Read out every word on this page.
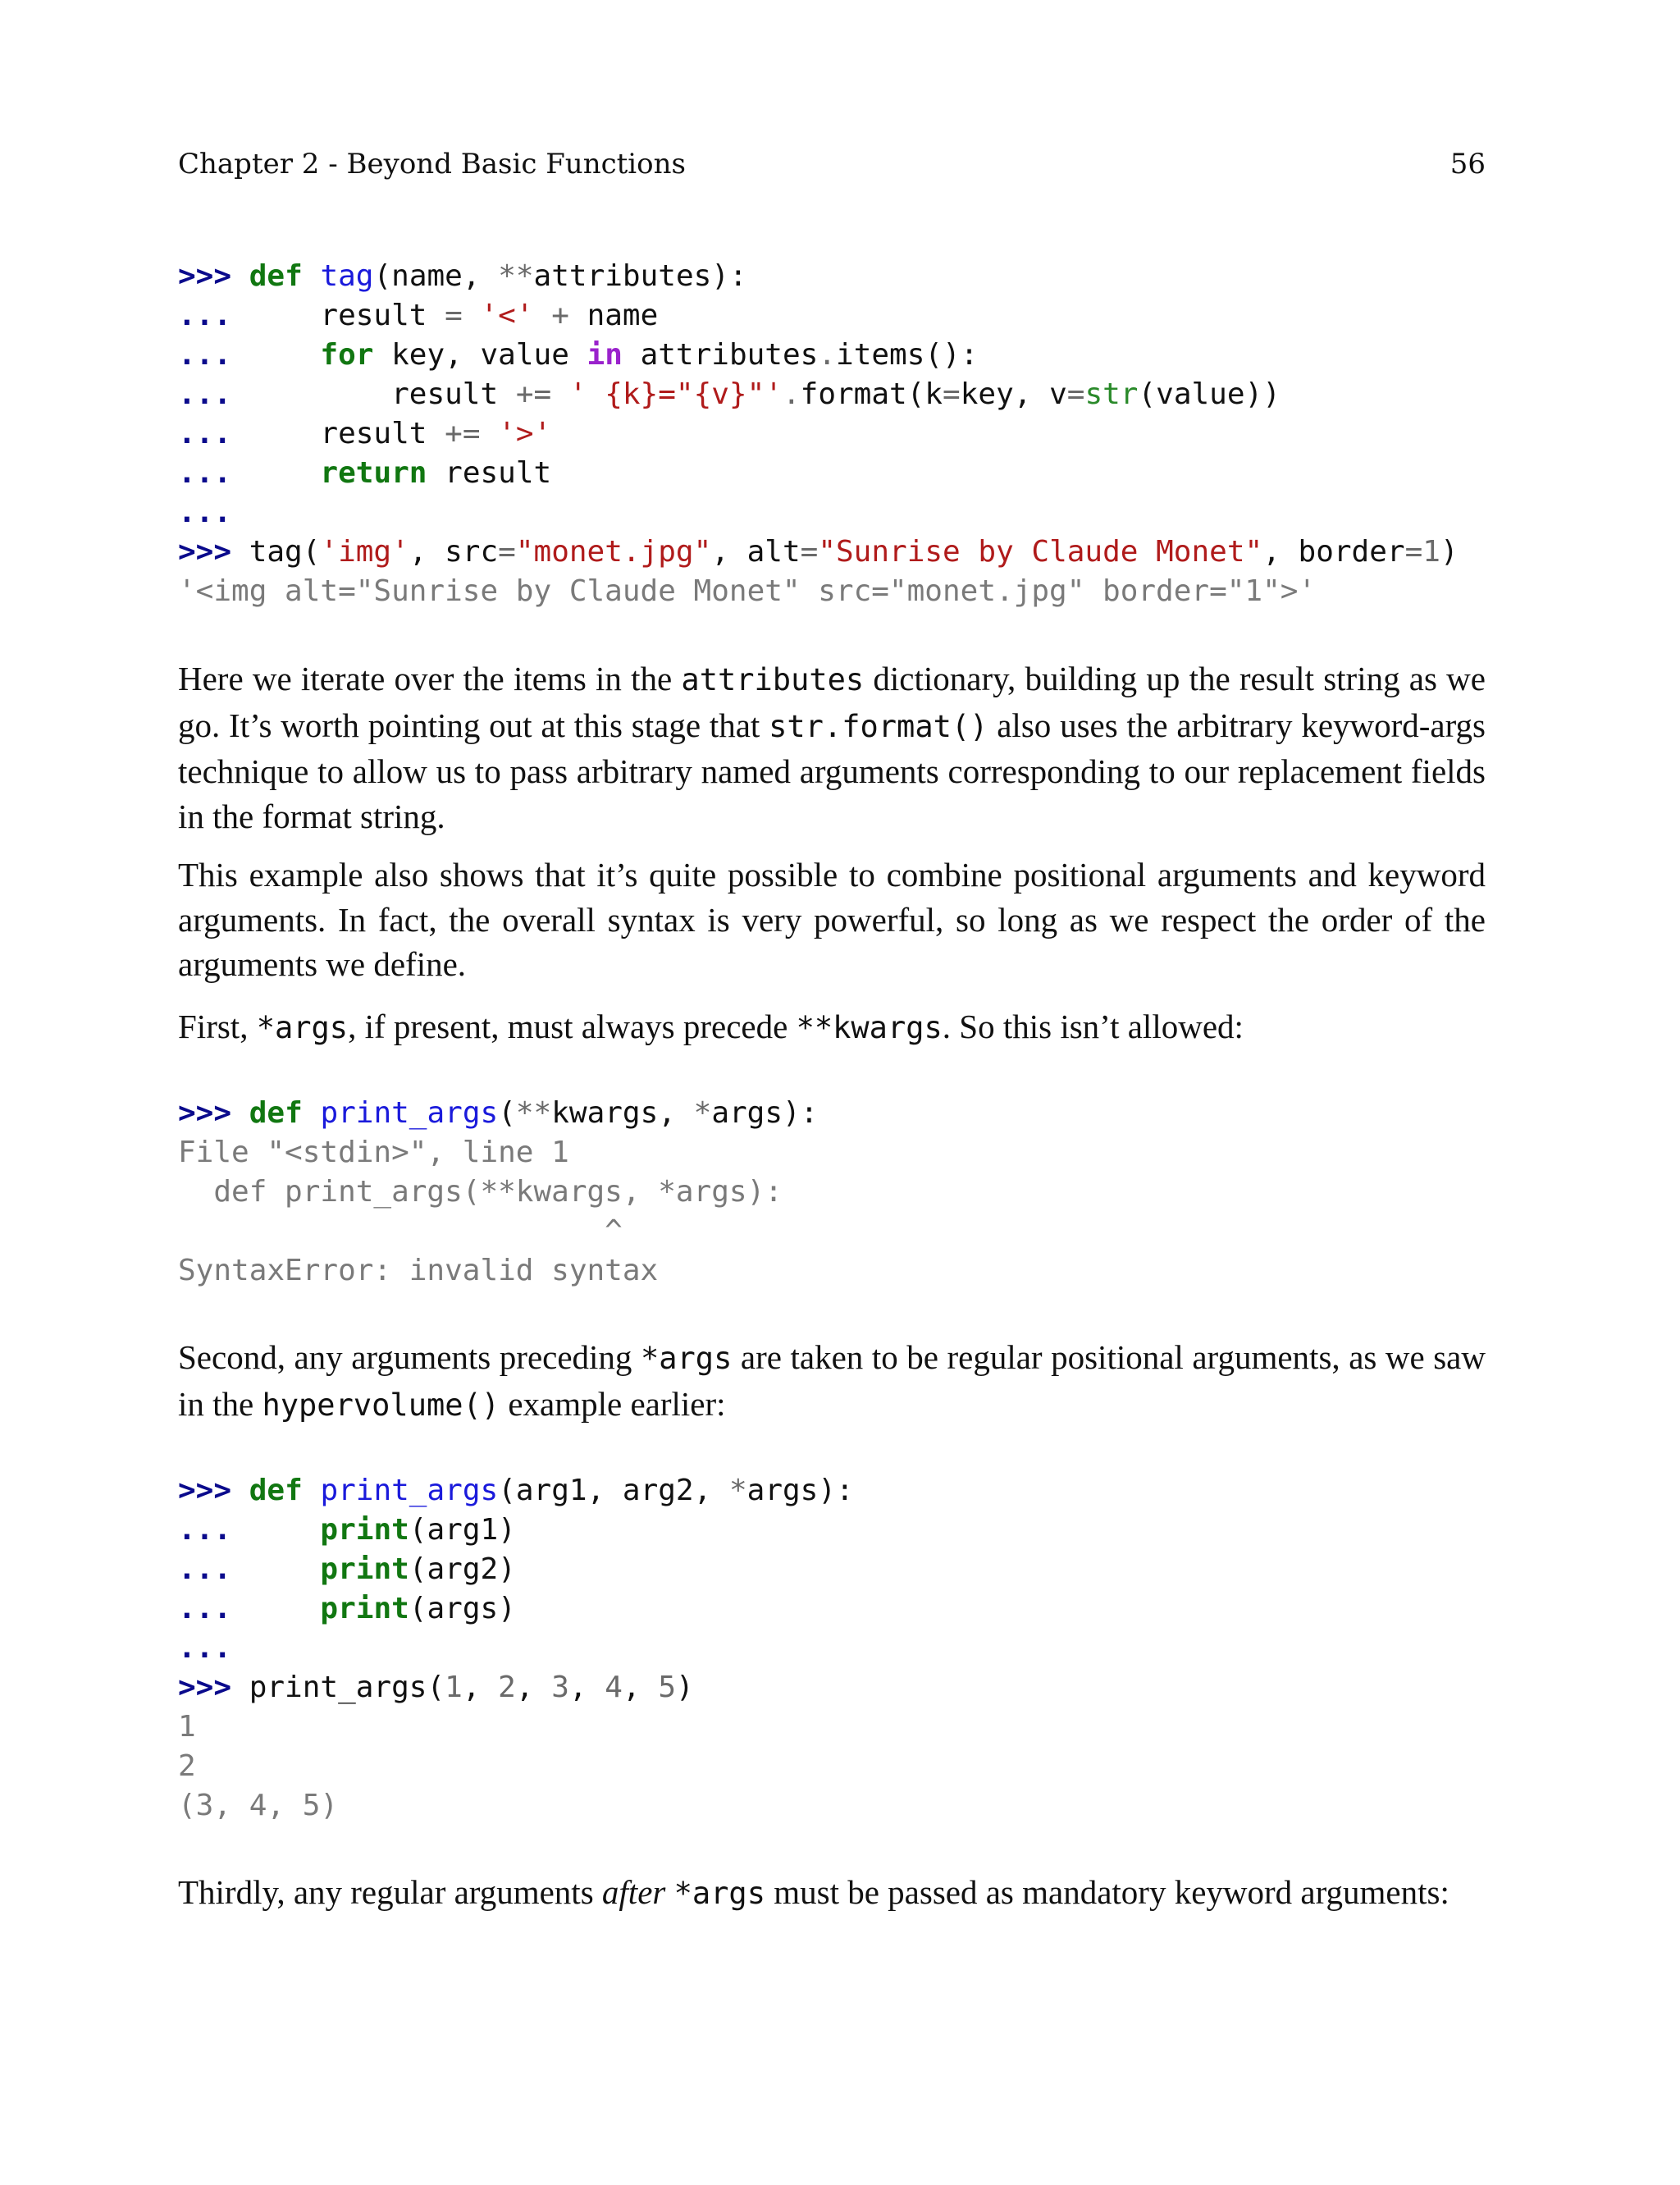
Chapter 2 - Beyond Basic Functions	56
>>> def tag(name, **attributes):
...     result = '<' + name
...	for key, value in attributes.items():
...         result += ' {k}="{v}"'.format(k=key, v=str(value))
...     result += '>'
...	return result
...
>>> tag('img', src="monet.jpg", alt="Sunrise by Claude Monet", border=1)
'<img alt="Sunrise by Claude Monet" src="monet.jpg" border="1">'

Here we iterate over the items in the attributes dictionary, building up the result string as we go. It’s worth pointing out at this stage that str.format() also uses the arbitrary keyword-args technique to allow us to pass arbitrary named arguments corresponding to our replacement fields in the format string.

This example also shows that it’s quite possible to combine positional arguments and keyword arguments. In fact, the overall syntax is very powerful, so long as we respect the order of the arguments we define.

First, *args, if present, must always precede **kwargs. So this isn’t allowed:

>>> def print_args(**kwargs, *args):
File "<stdin>", line 1
def print_args(**kwargs, *args):
^
SyntaxError: invalid syntax

Second, any arguments preceding *args are taken to be regular positional arguments, as we saw in the hypervolume() example earlier:

>>> def print_args(arg1, arg2, *args):
...	print(arg1)
...	print(arg2)
...	print(args)
...
>>> print_args(1, 2, 3, 4, 5)
1
2
(3, 4, 5)

Thirdly, any regular arguments after *args must be passed as mandatory keyword arguments:
